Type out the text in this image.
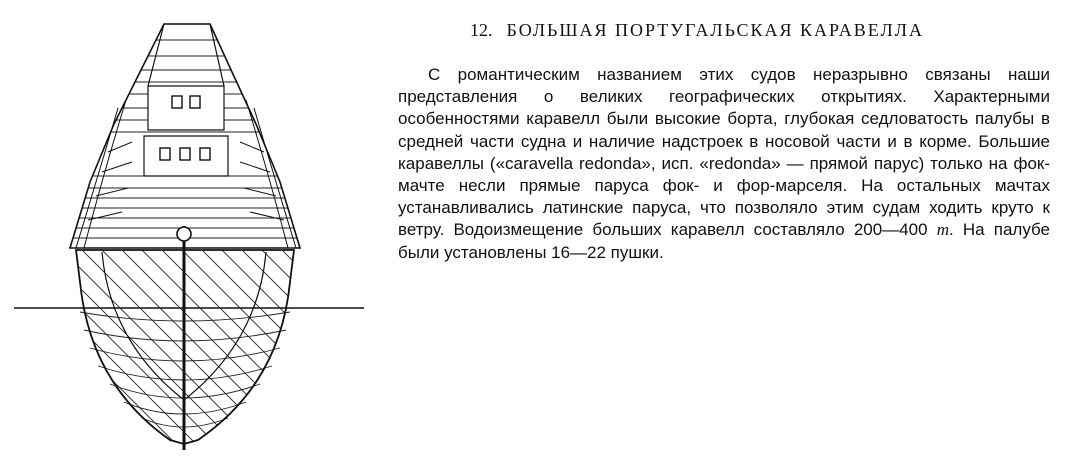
12. БОЛЬШАЯ ПОРТУГАЛЬСКАЯ КАРАВЕЛЛА

С романтическим названием этих судов неразрывно связаны наши представления о великих географических открытиях. Характерными особенностями каравелл были высокие борта, глубокая седловатость палубы в средней части судна и наличие надстроек в носовой части и в корме. Большие каравеллы («caravella redonda», исп. «redonda» — прямой парус) только на фок-мачте несли прямые паруса фок- и фор-марселя. На остальных мачтах устанавливались латинские паруса, что позволяло этим судам ходить круто к ветру. Водоизмещение больших каравелл составляло 200—400 т. На палубе были установлены 16—22 пушки.
